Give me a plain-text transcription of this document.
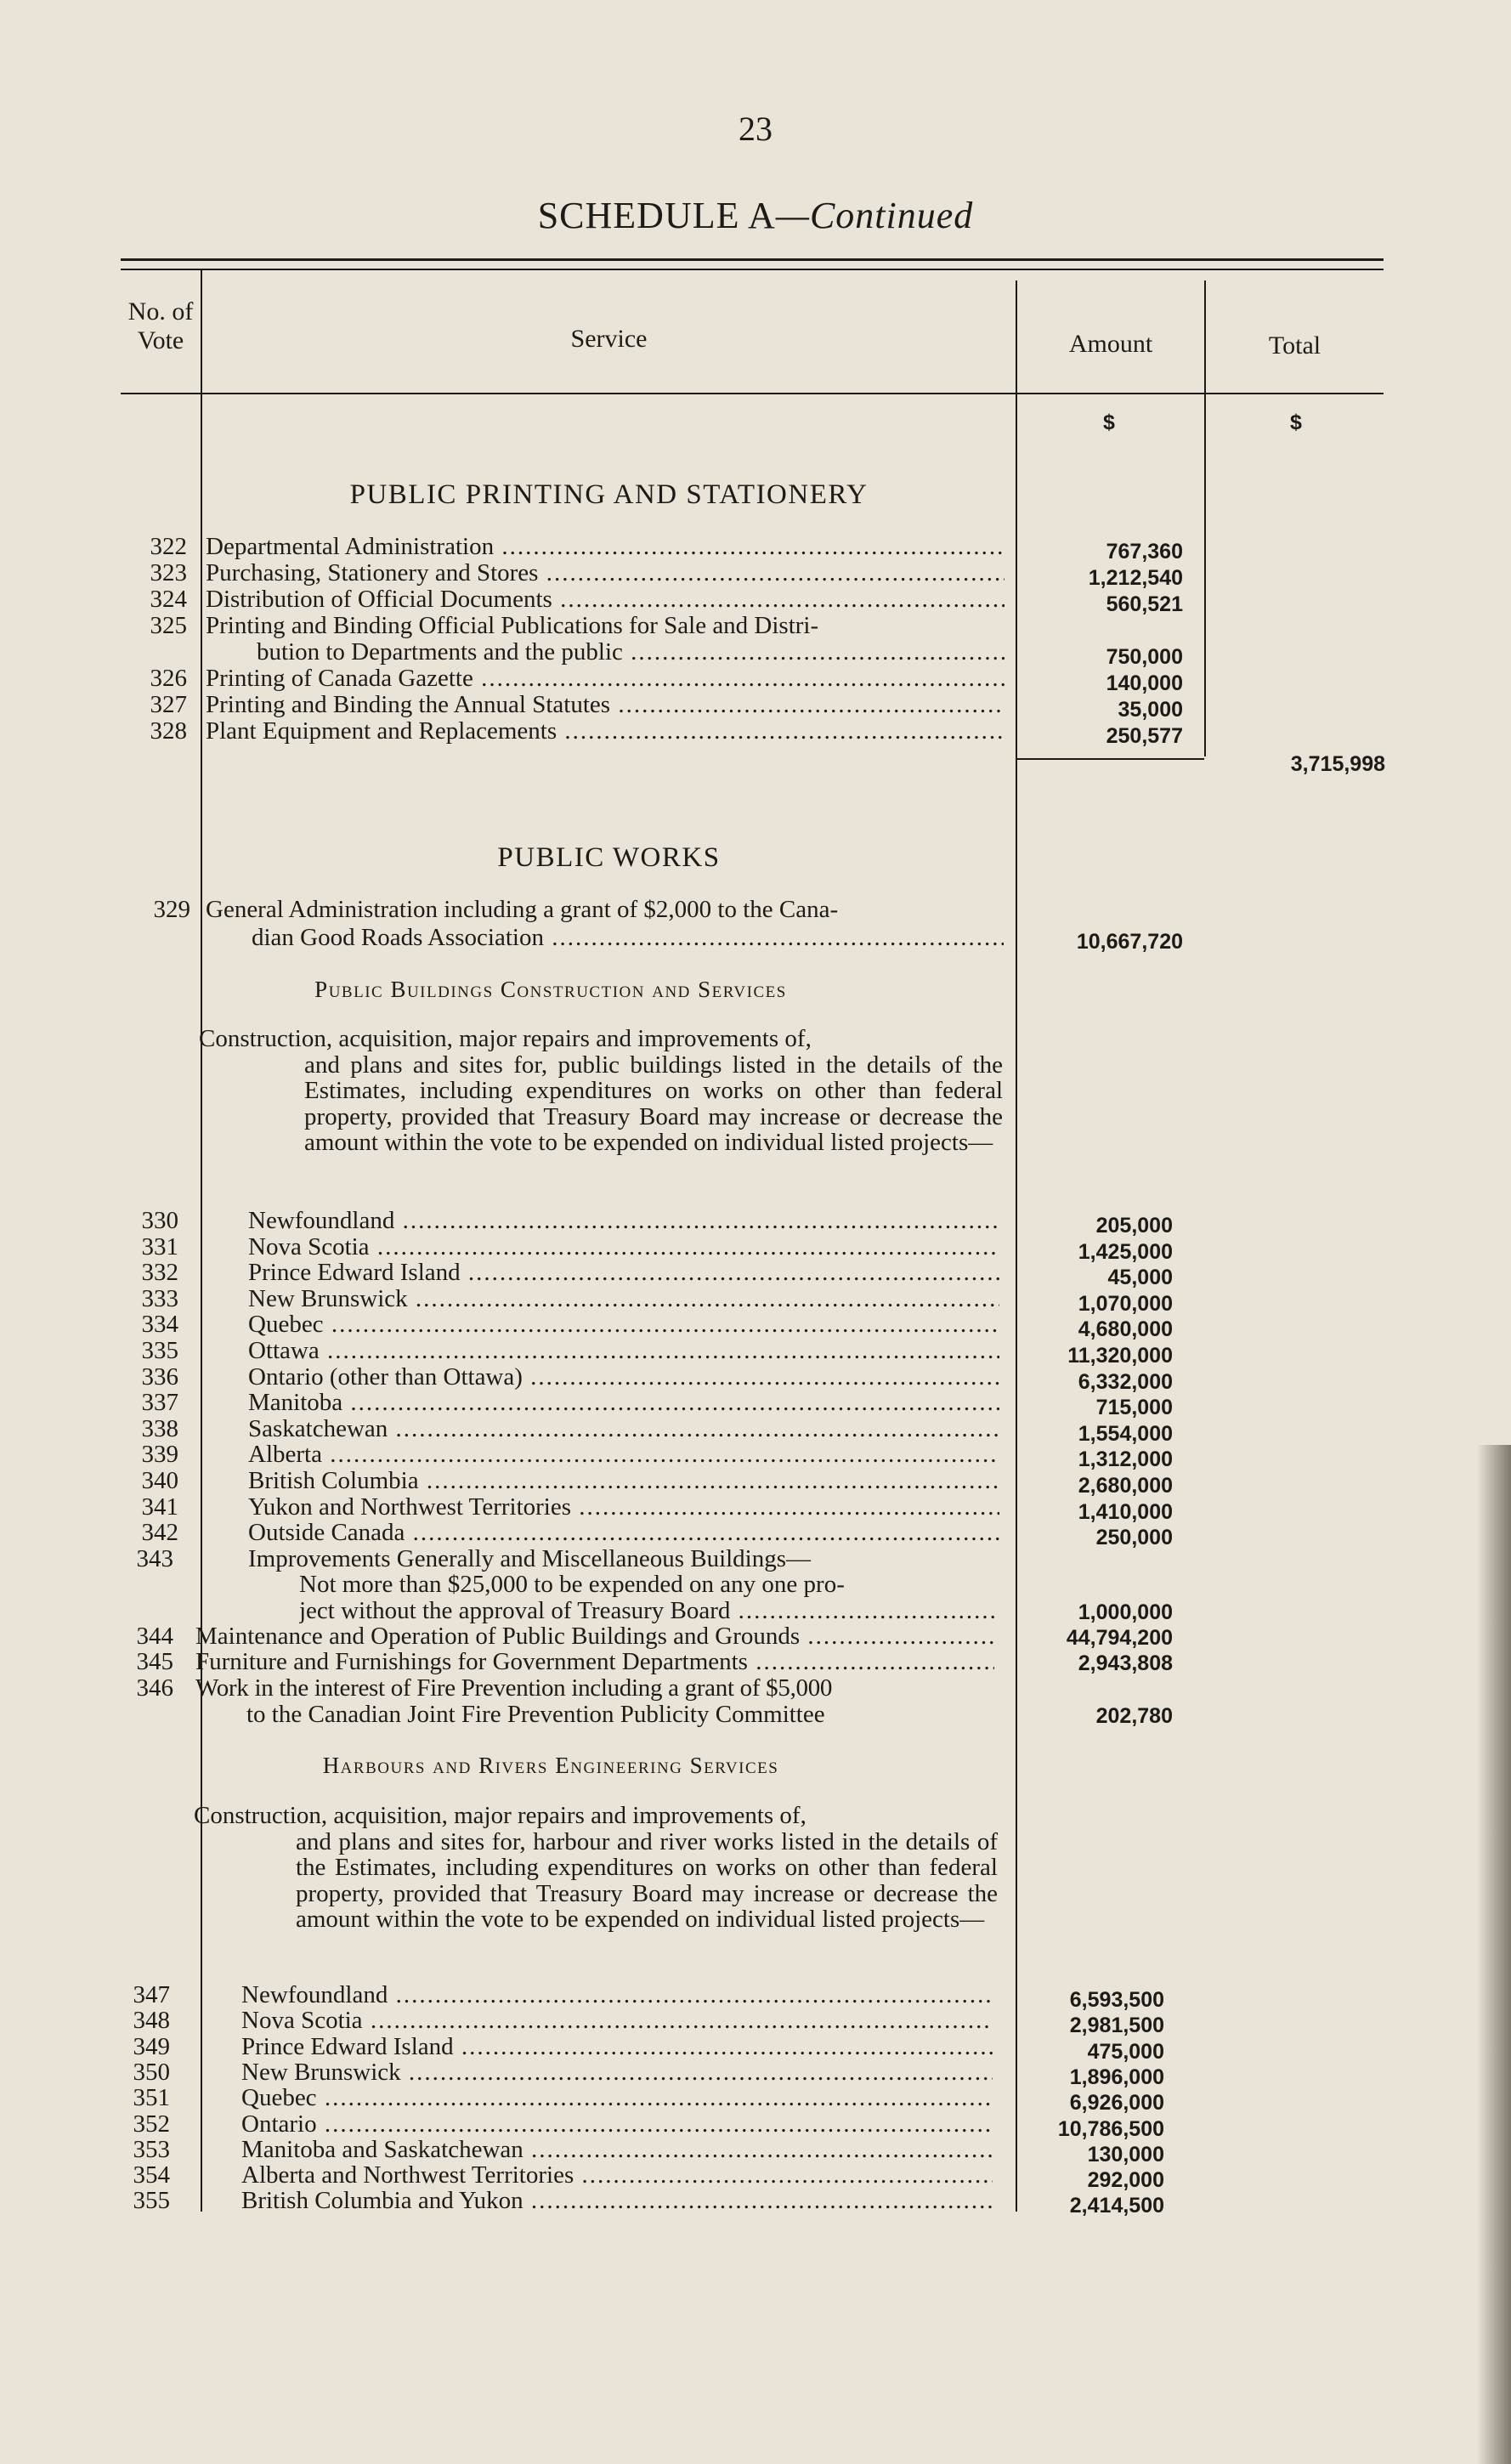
23
SCHEDULE A—Continued
No. of Vote	Service	Amount	Total
$	$
PUBLIC PRINTING AND STATIONERY
322 Departmental Administration .....	767,360
323 Purchasing, Stationery and Stores .....	1,212,540
324 Distribution of Official Documents .....	560,521
325 Printing and Binding Official Publications for Sale and Distri-
bution to Departments and the public .....	750,000
326 Printing of Canada Gazette .....	140,000
327 Printing and Binding the Annual Statutes .....	35,000
328 Plant Equipment and Replacements .....	250,577
3,715,998
PUBLIC WORKS
329 General Administration including a grant of $2,000 to the Cana-
dian Good Roads Association .....	10,667,720
Public Buildings Construction and Services
Construction, acquisition, major repairs and improvements of,
and plans and sites for, public buildings listed in the details of the Estimates, including expenditures on works on other than federal property, provided that Treasury Board may increase or decrease the amount within the vote to be expended on individual listed projects—
330	Newfoundland .....	205,000
331	Nova Scotia .....	1,425,000
332	Prince Edward Island .....	45,000
333	New Brunswick .....	1,070,000
334	Quebec .....	4,680,000
335	Ottawa .....	11,320,000
336	Ontario (other than Ottawa) .....	6,332,000
337	Manitoba .....	715,000
338	Saskatchewan .....	1,554,000
339	Alberta .....	1,312,000
340	British Columbia .....	2,680,000
341	Yukon and Northwest Territories .....	1,410,000
342	Outside Canada .....	250,000
343	Improvements Generally and Miscellaneous Buildings—
Not more than $25,000 to be expended on any one pro-
ject without the approval of Treasury Board .....	1,000,000
344 Maintenance and Operation of Public Buildings and Grounds .....	44,794,200
345 Furniture and Furnishings for Government Departments .....	2,943,808
346 Work in the interest of Fire Prevention including a grant of $5,000
to the Canadian Joint Fire Prevention Publicity Committee	202,780
Harbours and Rivers Engineering Services
Construction, acquisition, major repairs and improvements of,
and plans and sites for, harbour and river works listed in the details of the Estimates, including expenditures on works on other than federal property, provided that Treasury Board may increase or decrease the amount within the vote to be expended on individual listed projects—
347	Newfoundland .....	6,593,500
348	Nova Scotia .....	2,981,500
349	Prince Edward Island .....	475,000
350	New Brunswick .....	1,896,000
351	Quebec .....	6,926,000
352	Ontario .....	10,786,500
353	Manitoba and Saskatchewan .....	130,000
354	Alberta and Northwest Territories .....	292,000
355	British Columbia and Yukon .....	2,414,500
